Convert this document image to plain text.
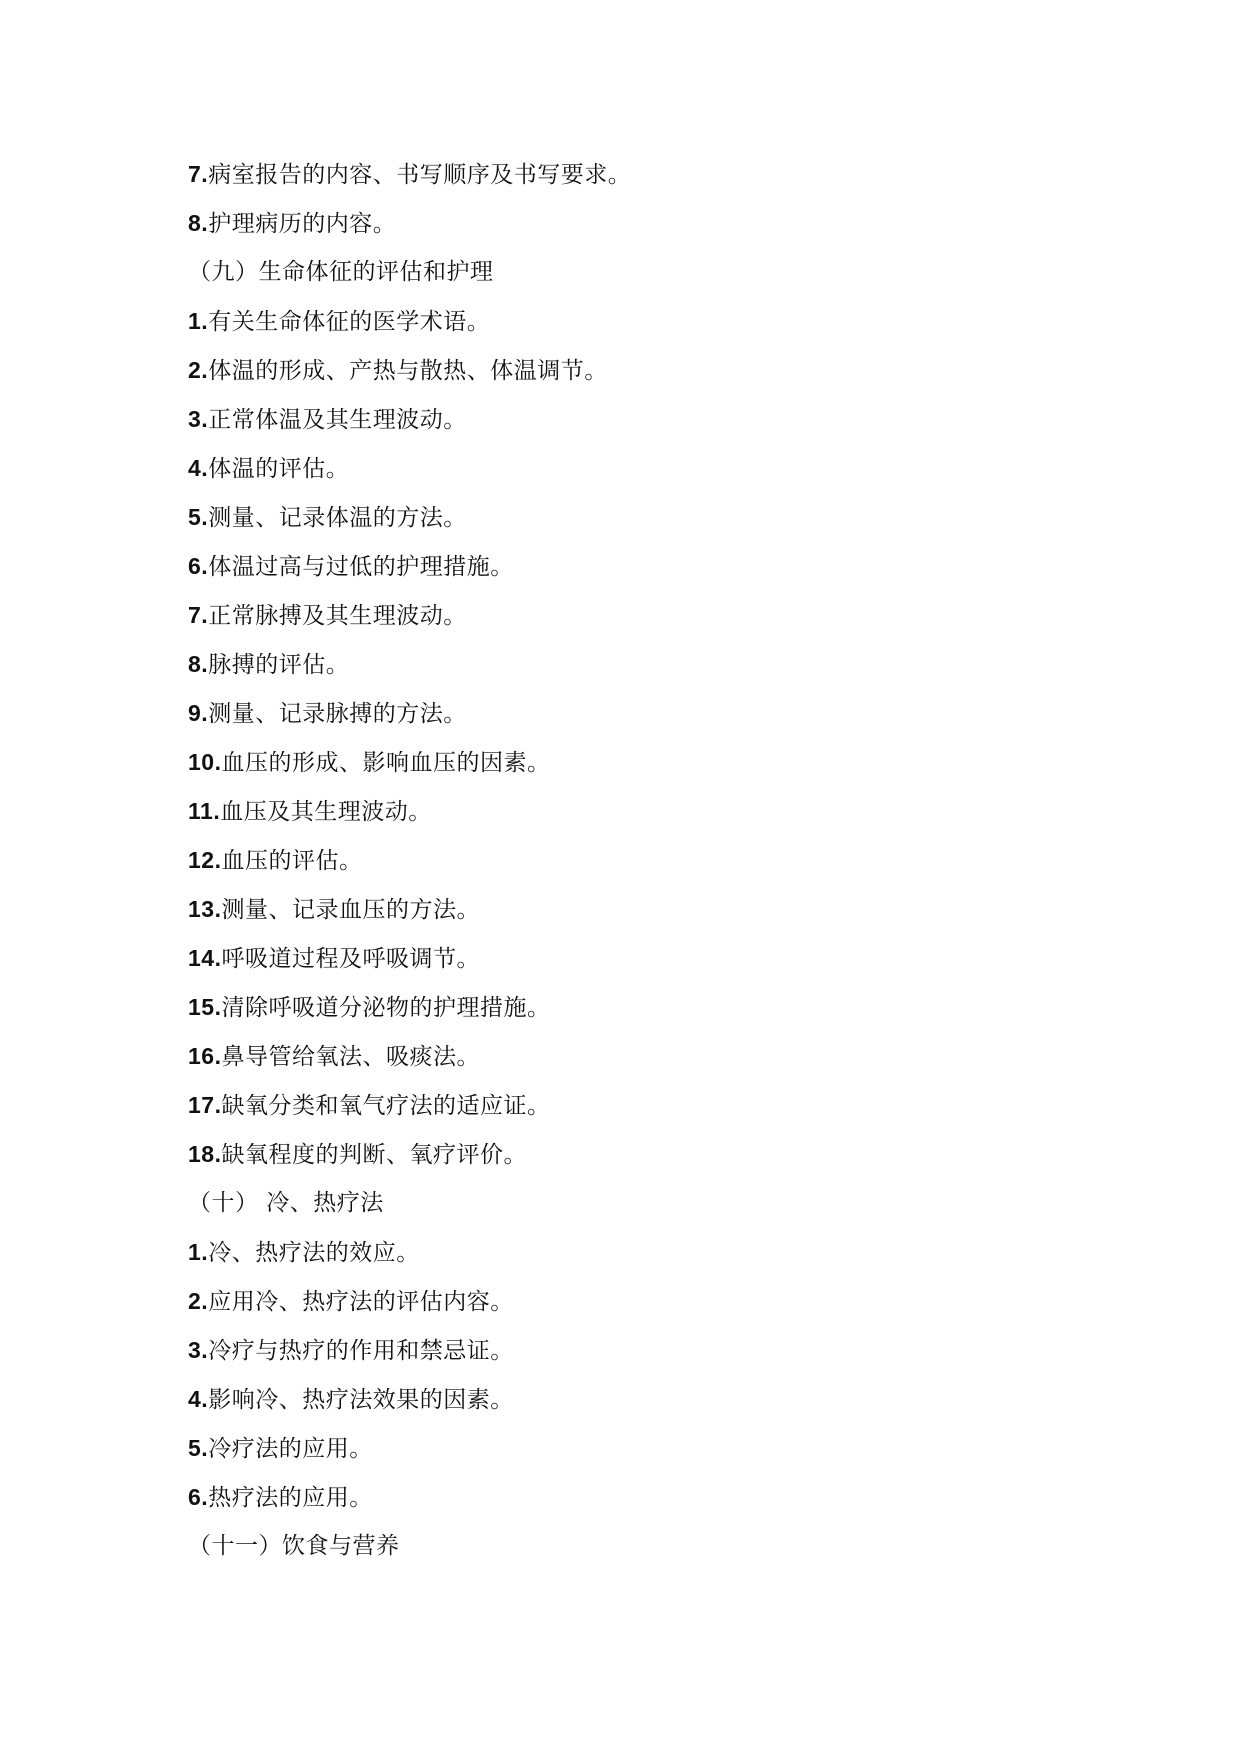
7.病室报告的内容、书写顺序及书写要求。
8.护理病历的内容。
（九）生命体征的评估和护理
1.有关生命体征的医学术语。
2.体温的形成、产热与散热、体温调节。
3.正常体温及其生理波动。
4.体温的评估。
5.测量、记录体温的方法。
6.体温过高与过低的护理措施。
7.正常脉搏及其生理波动。
8.脉搏的评估。
9.测量、记录脉搏的方法。
10.血压的形成、影响血压的因素。
11.血压及其生理波动。
12.血压的评估。
13.测量、记录血压的方法。
14.呼吸道过程及呼吸调节。
15.清除呼吸道分泌物的护理措施。
16.鼻导管给氧法、吸痰法。
17.缺氧分类和氧气疗法的适应证。
18.缺氧程度的判断、氧疗评价。
（十） 冷、热疗法
1.冷、热疗法的效应。
2.应用冷、热疗法的评估内容。
3.冷疗与热疗的作用和禁忌证。
4.影响冷、热疗法效果的因素。
5.冷疗法的应用。
6.热疗法的应用。
（十一）饮食与营养
